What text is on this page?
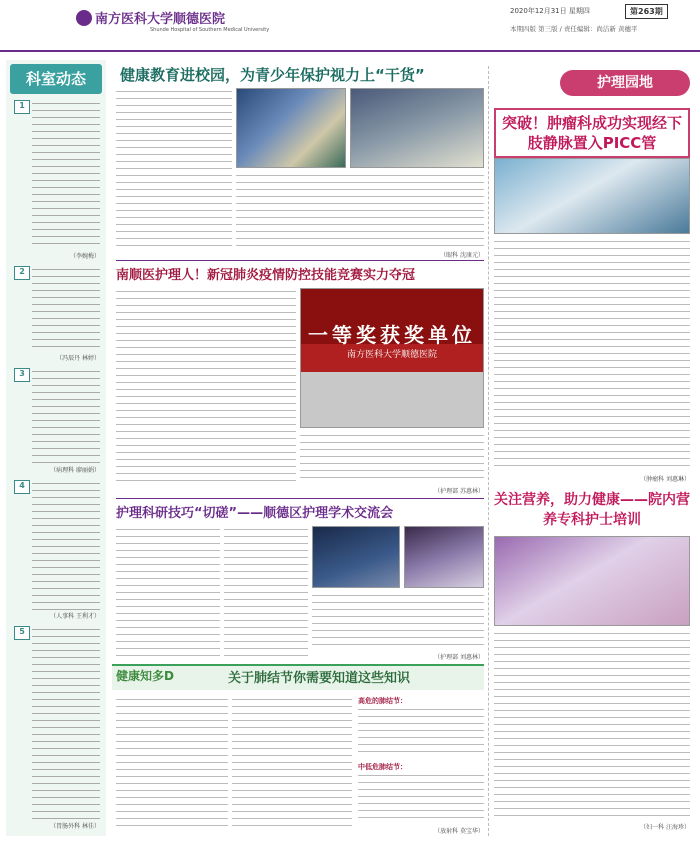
南方医科大学顺德医院
Shunde Hospital of Southern Medical University
2020年12月31日 星期四	第263期
本期四版 第三版 / 责任编辑：尚洁新 黄穗平
科室动态
1
（李婉梅）
2
（冯辰丹 林婷）
3
（病理科 廖丽娟）
4
（人事科 王利才）
5
（胃肠外科 林佳）
健康教育进校园，为青少年保护视力上“干货”
（眼科 沈康元）
南顺医护理人！新冠肺炎疫情防控技能竞赛实力夺冠
一等奖获奖单位
南方医科大学顺德医院
（护理部 苏惠林）
护理科研技巧“切磋”——顺德区护理学术交流会
（护理部 刘惠林）
健康知多D	关于肺结节你需要知道这些知识
高危的肺结节：
中低危肺结节：
（放射科 莫宝华）
护理园地
突破！肿瘤科成功实现经下肢静脉置入PICC管
（肿瘤科 刘惠琳）
关注营养，助力健康——院内营养专科护士培训
（妇一科 汪海珍）
